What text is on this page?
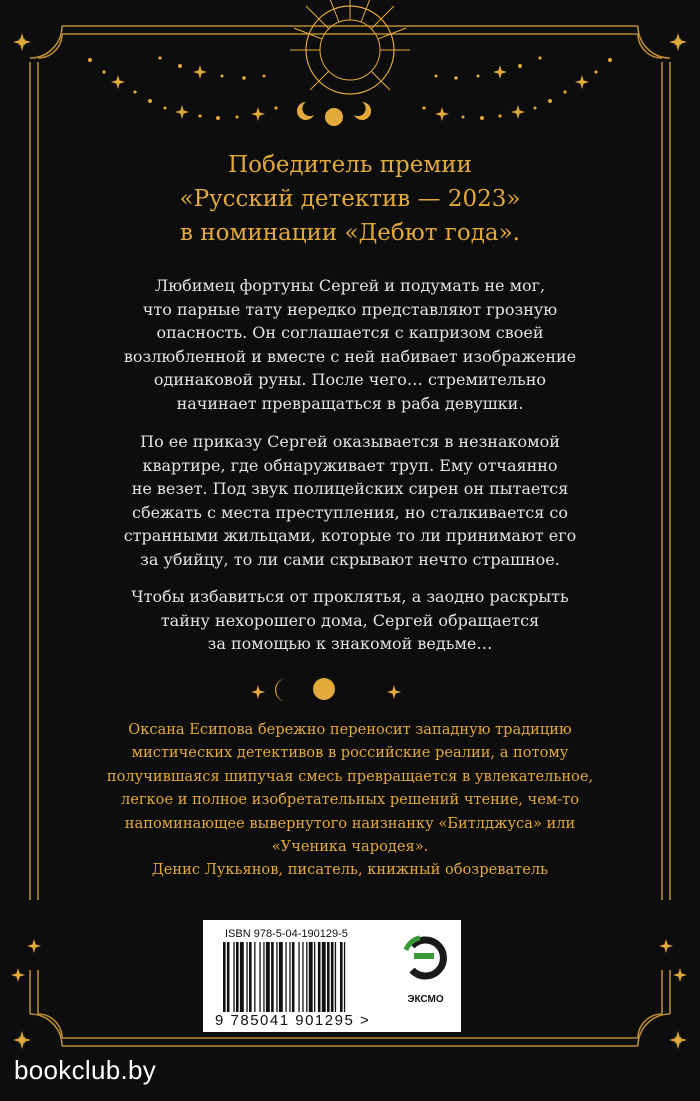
Победитель премии
«Русский детектив — 2023»
в номинации «Дебют года».
Любимец фортуны Сергей и подумать не мог,
что парные тату нередко представляют грозную
опасность. Он соглашается с капризом своей
возлюбленной и вместе с ней набивает изображение
одинаковой руны. После чего… стремительно
начинает превращаться в раба девушки.
По ее приказу Сергей оказывается в незнакомой
квартире, где обнаруживает труп. Ему отчаянно
не везет. Под звук полицейских сирен он пытается
сбежать с места преступления, но сталкивается со
странными жильцами, которые то ли принимают его
за убийцу, то ли сами скрывают нечто страшное.
Чтобы избавиться от проклятья, а заодно раскрыть
тайну нехорошего дома, Сергей обращается
за помощью к знакомой ведьме…
Оксана Есипова бережно переносит западную традицию
мистических детективов в российские реалии, а потому
получившаяся шипучая смесь превращается в увлекательное,
легкое и полное изобретательных решений чтение, чем-то
напоминающее вывернутого наизнанку «Битлджуса» или
«Ученика чародея».
Денис Лукьянов, писатель, книжный обозреватель
ISBN 978-5-04-190129-5
9 785041 901295 >
ЭКСМО
bookclub.by
